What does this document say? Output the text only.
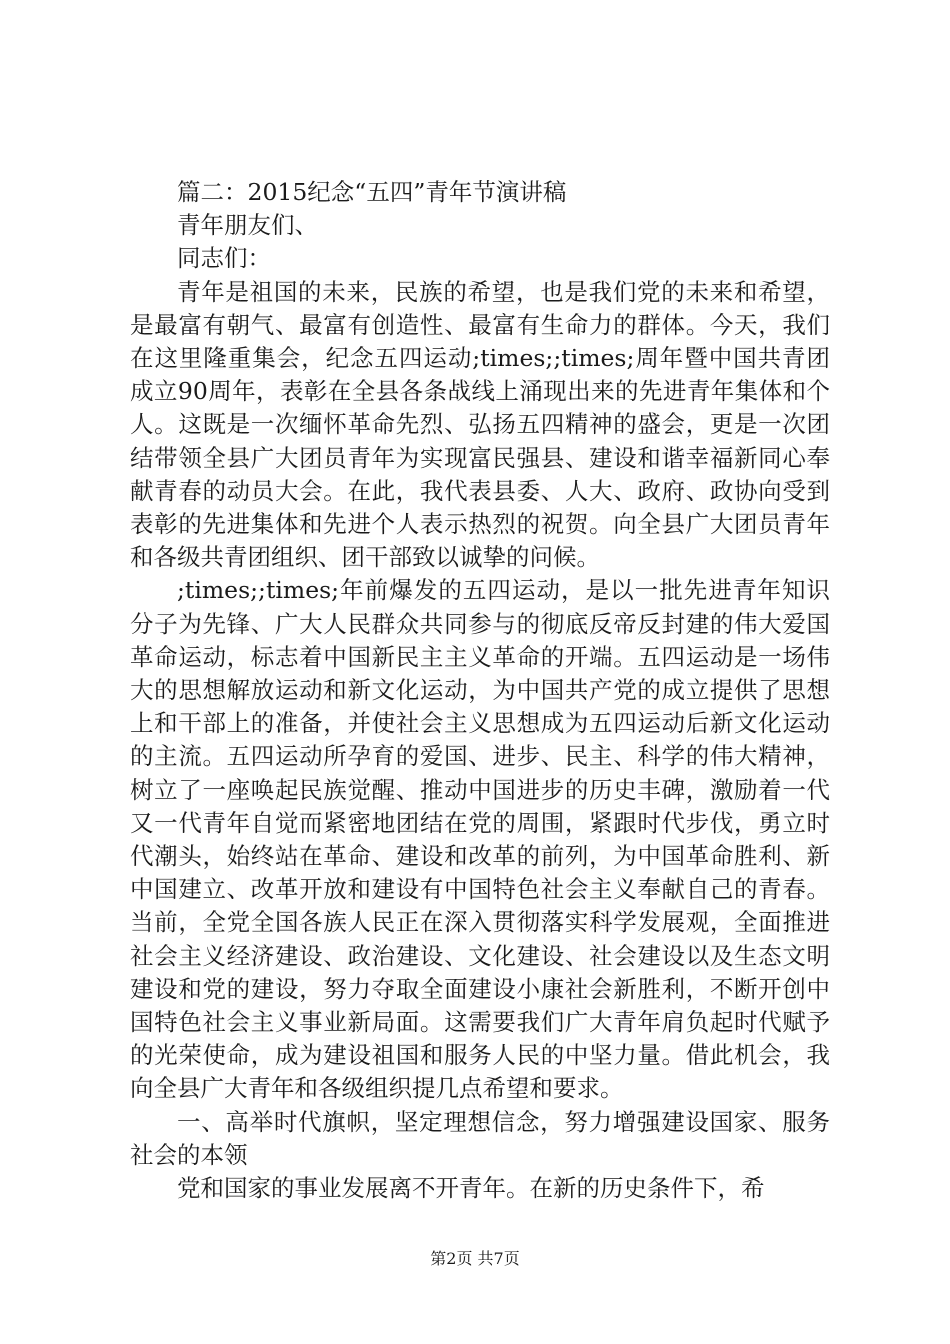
篇二：2015纪念“五四”青年节演讲稿

青年朋友们、

同志们：

青年是祖国的未来，民族的希望，也是我们党的未来和希望，是最富有朝气、最富有创造性、最富有生命力的群体。今天，我们在这里隆重集会，纪念五四运动;times;;times;周年暨中国共青团成立90周年，表彰在全县各条战线上涌现出来的先进青年集体和个人。这既是一次缅怀革命先烈、弘扬五四精神的盛会，更是一次团结带领全县广大团员青年为实现富民强县、建设和谐幸福新同心奉献青春的动员大会。在此，我代表县委、人大、政府、政协向受到表彰的先进集体和先进个人表示热烈的祝贺。向全县广大团员青年和各级共青团组织、团干部致以诚挚的问候。

;times;;times;年前爆发的五四运动，是以一批先进青年知识分子为先锋、广大人民群众共同参与的彻底反帝反封建的伟大爱国革命运动，标志着中国新民主主义革命的开端。五四运动是一场伟大的思想解放运动和新文化运动，为中国共产党的成立提供了思想上和干部上的准备，并使社会主义思想成为五四运动后新文化运动的主流。五四运动所孕育的爱国、进步、民主、科学的伟大精神，树立了一座唤起民族觉醒、推动中国进步的历史丰碑，激励着一代又一代青年自觉而紧密地团结在党的周围，紧跟时代步伐，勇立时代潮头，始终站在革命、建设和改革的前列，为中国革命胜利、新中国建立、改革开放和建设有中国特色社会主义奉献自己的青春。当前，全党全国各族人民正在深入贯彻落实科学发展观，全面推进社会主义经济建设、政治建设、文化建设、社会建设以及生态文明建设和党的建设，努力夺取全面建设小康社会新胜利，不断开创中国特色社会主义事业新局面。这需要我们广大青年肩负起时代赋予的光荣使命，成为建设祖国和服务人民的中坚力量。借此机会，我向全县广大青年和各级组织提几点希望和要求。

一、高举时代旗帜，坚定理想信念，努力增强建设国家、服务社会的本领

党和国家的事业发展离不开青年。在新的历史条件下，希

第2页 共7页
